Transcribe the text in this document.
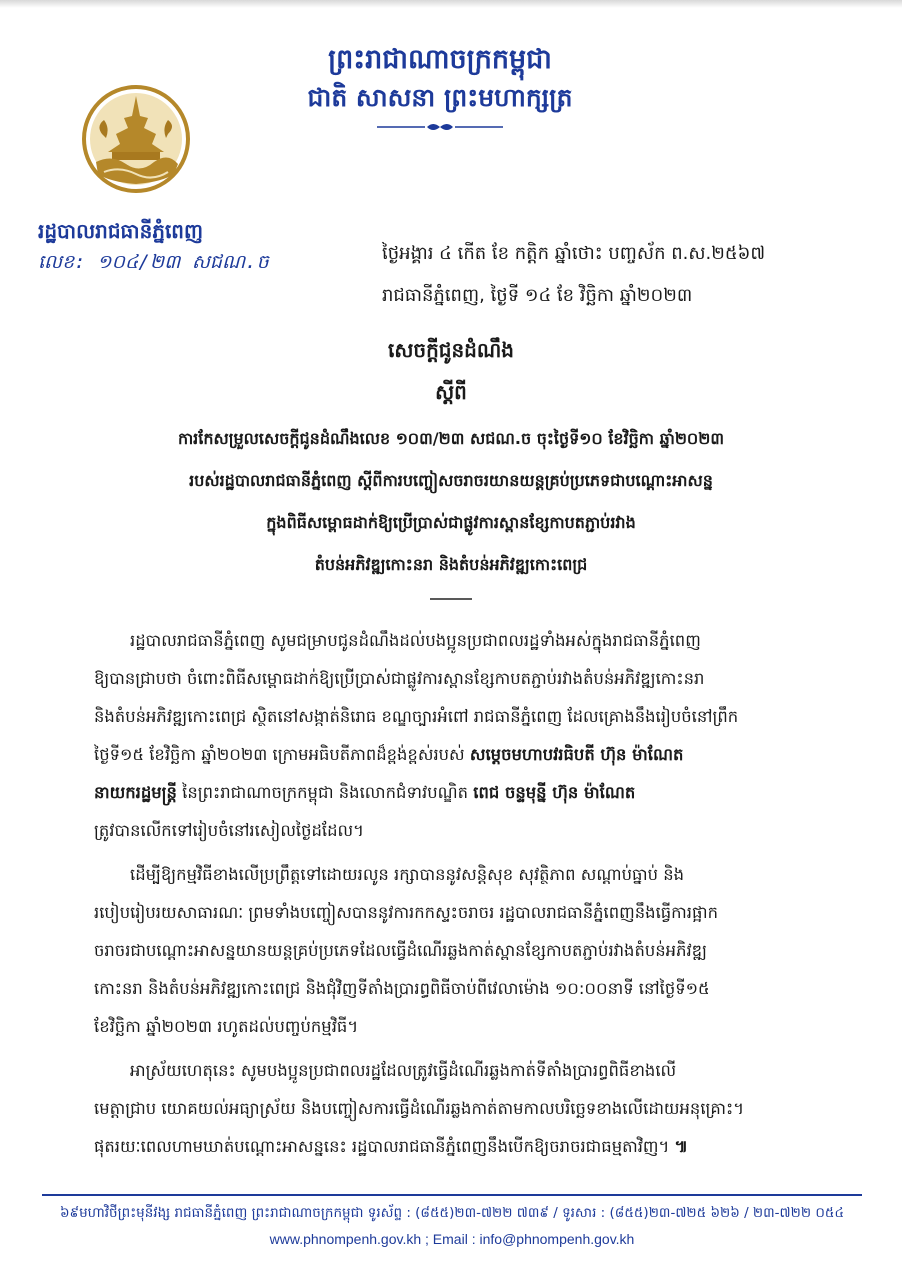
ព្រះរាជាណាចក្រកម្ពុជា
ជាតិ សាសនា ព្រះមហាក្សត្រ
រដ្ឋបាលរាជធានីភ្នំពេញ
លេខ: ១០៤/២៣ សជណ.ច	ថ្ងៃអង្គារ ៤ កើត ខែ កត្តិក ឆ្នាំថោះ បញ្ចស័ក ព.ស.២៥៦៧
រាជធានីភ្នំពេញ, ថ្ងៃទី ១៤ ខែ វិច្ឆិកា ឆ្នាំ២០២៣
សេចក្តីជូនដំណឹង
ស្តីពី
ការកែសម្រួលសេចក្តីជូនដំណឹងលេខ ១០៣/២៣ សជណ.ច ចុះថ្ងៃទី១០ ខែវិច្ឆិកា ឆ្នាំ២០២៣
របស់រដ្ឋបាលរាជធានីភ្នំពេញ ស្តីពីការបញ្ចៀសចរាចរយានយន្តគ្រប់ប្រភេទជាបណ្តោះអាសន្ន
ក្នុងពិធីសម្ពោធដាក់ឱ្យប្រើប្រាស់ជាផ្លូវការស្ពានខ្សែកាបតភ្ជាប់រវាង
តំបន់អភិវឌ្ឍកោះនរា និងតំបន់អភិវឌ្ឍកោះពេជ្រ
រដ្ឋបាលរាជធានីភ្នំពេញ សូមជម្រាបជូនដំណឹងដល់បងប្អូនប្រជាពលរដ្ឋទាំងអស់ក្នុងរាជធានីភ្នំពេញ
ឱ្យបានជ្រាបថា ចំពោះពិធីសម្ពោធដាក់ឱ្យប្រើប្រាស់ជាផ្លូវការស្ពានខ្សែកាបតភ្ជាប់រវាងតំបន់អភិវឌ្ឍកោះនរា
និងតំបន់អភិវឌ្ឍកោះពេជ្រ ស្ថិតនៅសង្កាត់និរោធ ខណ្ឌច្បារអំពៅ រាជធានីភ្នំពេញ ដែលគ្រោងនឹងរៀបចំនៅព្រឹក
ថ្ងៃទី១៥ ខែវិច្ឆិកា ឆ្នាំ២០២៣ ក្រោមអធិបតីភាពដ៏ខ្ពង់ខ្ពស់របស់ សម្តេចមហាបវរធិបតី ហ៊ុន ម៉ាណែត
នាយករដ្ឋមន្ត្រី នៃព្រះរាជាណាចក្រកម្ពុជា និងលោកជំទាវបណ្ឌិត ពេជ ចន្ទមុន្នី ហ៊ុន ម៉ាណែត
ត្រូវបានលើកទៅរៀបចំនៅរសៀលថ្ងៃដដែល។
ដើម្បីឱ្យកម្មវិធីខាងលើប្រព្រឹត្តទៅដោយរលូន រក្សាបាននូវសន្តិសុខ សុវត្ថិភាព សណ្តាប់ធ្នាប់ និង
របៀបរៀបរយសាធារណៈ ព្រមទាំងបញ្ចៀសបាននូវការកកស្ទះចរាចរ រដ្ឋបាលរាជធានីភ្នំពេញនឹងធ្វើការផ្អាក
ចរាចរជាបណ្តោះអាសន្នយានយន្តគ្រប់ប្រភេទដែលធ្វើដំណើរឆ្លងកាត់ស្ពានខ្សែកាបតភ្ជាប់រវាងតំបន់អភិវឌ្ឍ
កោះនរា និងតំបន់អភិវឌ្ឍកោះពេជ្រ និងជុំវិញទីតាំងប្រារព្ធពិធីចាប់ពីវេលាម៉ោង ១០:០០នាទី នៅថ្ងៃទី១៥
ខែវិច្ឆិកា ឆ្នាំ២០២៣ រហូតដល់បញ្ចប់កម្មវិធី។
អាស្រ័យហេតុនេះ សូមបងប្អូនប្រជាពលរដ្ឋដែលត្រូវធ្វើដំណើរឆ្លងកាត់ទីតាំងប្រារព្ធពិធីខាងលើ
មេត្តាជ្រាប យោគយល់អធ្យាស្រ័យ និងបញ្ចៀសការធ្វើដំណើរឆ្លងកាត់តាមកាលបរិច្ឆេទខាងលើដោយអនុគ្រោះ។
ផុតរយៈពេលហាមឃាត់បណ្តោះអាសន្ននេះ រដ្ឋបាលរាជធានីភ្នំពេញនឹងបើកឱ្យចរាចរជាធម្មតាវិញ។ ៕
៦៩មហាវិថីព្រះមុនីវង្ស រាជធានីភ្នំពេញ ព្រះរាជាណាចក្រកម្ពុជា ទូរស័ព្ទ : (៨៥៥)២៣-៧២២ ៧៣៩ / ទូរសារ : (៨៥៥)២៣-៧២៥ ៦២៦ / ២៣-៧២២ ០៥៤
www.phnompenh.gov.kh ; Email : info@phnompenh.gov.kh
